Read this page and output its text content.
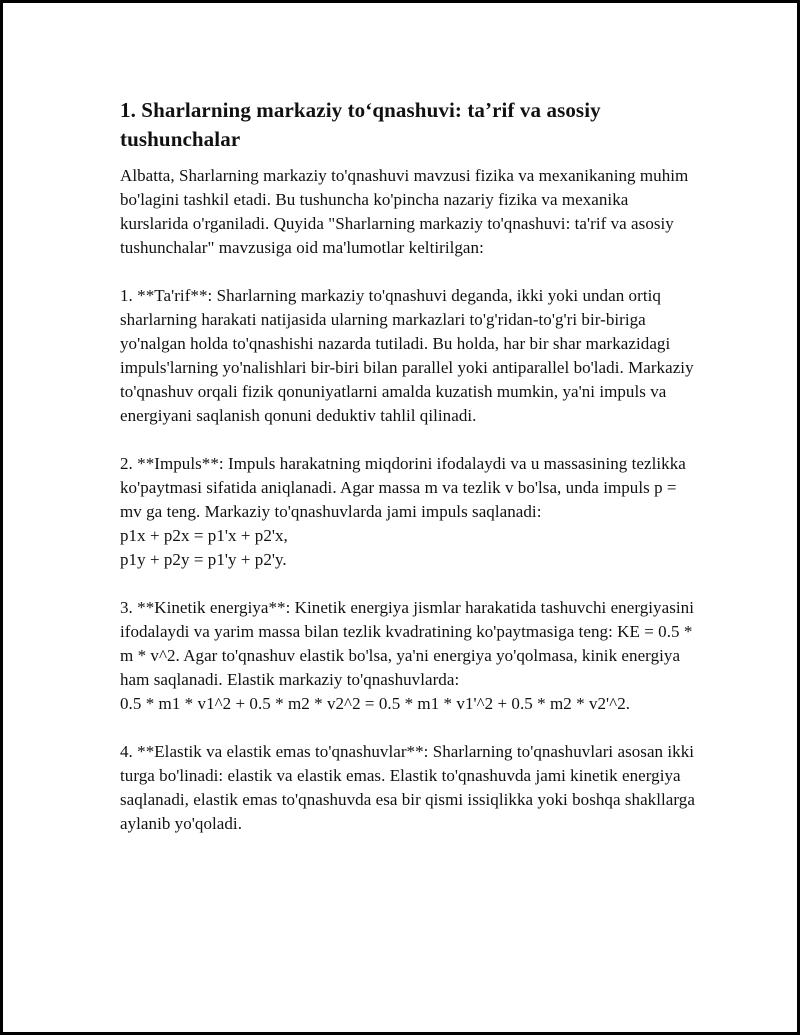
1. Sharlarning markaziy to‘qnashuvi: ta’rif va asosiy tushunchalar

Albatta, Sharlarning markaziy to'qnashuvi mavzusi fizika va mexanikaning muhim bo'lagini tashkil etadi. Bu tushuncha ko'pincha nazariy fizika va mexanika kurslarida o'rganiladi. Quyida "Sharlarning markaziy to'qnashuvi: ta'rif va asosiy tushunchalar" mavzusiga oid ma'lumotlar keltirilgan:

1. **Ta'rif**: Sharlarning markaziy to'qnashuvi deganda, ikki yoki undan ortiq sharlarning harakati natijasida ularning markazlari to'g'ridan-to'g'ri bir-biriga yo'nalgan holda to'qnashishi nazarda tutiladi. Bu holda, har bir shar markazidagi impuls'larning yo'nalishlari bir-biri bilan parallel yoki antiparallel bo'ladi. Markaziy to'qnashuv orqali fizik qonuniyatlarni amalda kuzatish mumkin, ya'ni impuls va energiyani saqlanish qonuni deduktiv tahlil qilinadi.

2. **Impuls**: Impuls harakatning miqdorini ifodalaydi va u massasining tezlikka ko'paytmasi sifatida aniqlanadi. Agar massa m va tezlik v bo'lsa, unda impuls p = mv ga teng. Markaziy to'qnashuvlarda jami impuls saqlanadi:
p1x + p2x = p1'x + p2'x,
p1y + p2y = p1'y + p2'y.

3. **Kinetik energiya**: Kinetik energiya jismlar harakatida tashuvchi energiyasini ifodalaydi va yarim massa bilan tezlik kvadratining ko'paytmasiga teng: KE = 0.5 * m * v^2. Agar to'qnashuv elastik bo'lsa, ya'ni energiya yo'qolmasa, kinik energiya ham saqlanadi. Elastik markaziy to'qnashuvlarda:
0.5 * m1 * v1^2 + 0.5 * m2 * v2^2 = 0.5 * m1 * v1'^2 + 0.5 * m2 * v2'^2.

4. **Elastik va elastik emas to'qnashuvlar**: Sharlarning to'qnashuvlari asosan ikki turga bo'linadi: elastik va elastik emas. Elastik to'qnashuvda jami kinetik energiya saqlanadi, elastik emas to'qnashuvda esa bir qismi issiqlikka yoki boshqa shakllarga aylanib yo'qoladi.
